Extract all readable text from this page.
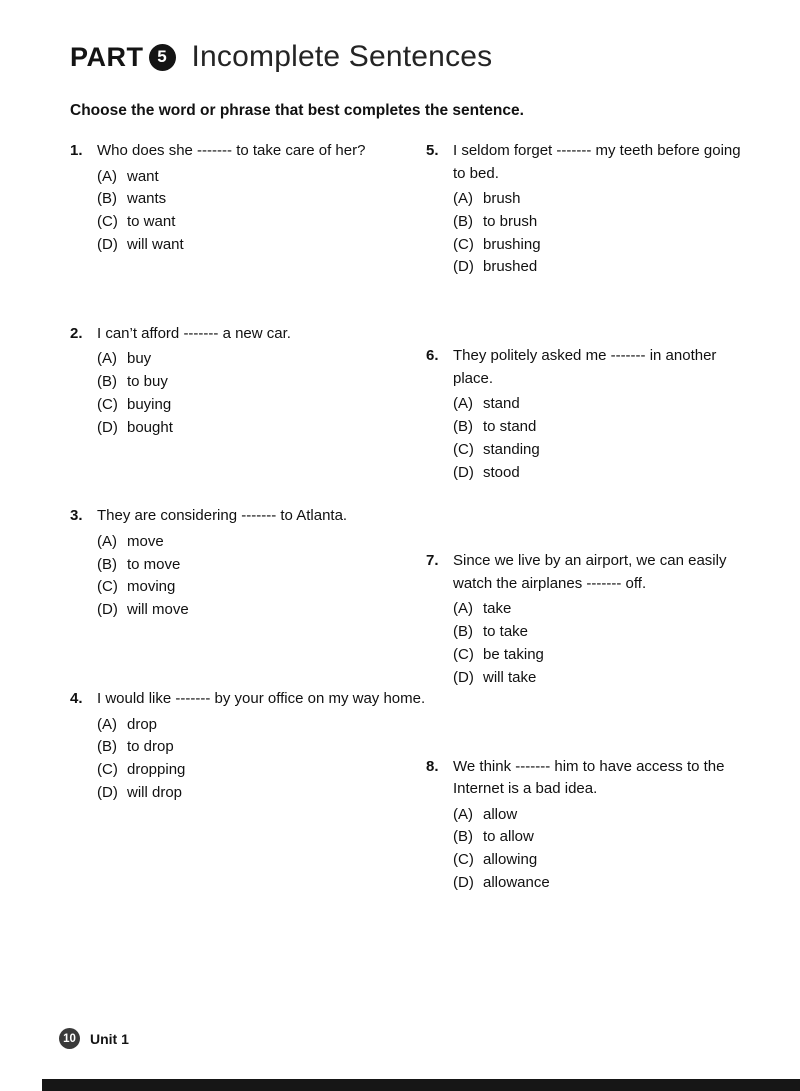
PART 5 Incomplete Sentences
Choose the word or phrase that best completes the sentence.
1. Who does she ------- to take care of her?
(A) want
(B) wants
(C) to want
(D) will want
2. I can’t afford ------- a new car.
(A) buy
(B) to buy
(C) buying
(D) bought
3. They are considering ------- to Atlanta.
(A) move
(B) to move
(C) moving
(D) will move
4. I would like ------- by your office on my way home.
(A) drop
(B) to drop
(C) dropping
(D) will drop
5. I seldom forget ------- my teeth before going to bed.
(A) brush
(B) to brush
(C) brushing
(D) brushed
6. They politely asked me ------- in another place.
(A) stand
(B) to stand
(C) standing
(D) stood
7. Since we live by an airport, we can easily watch the airplanes ------- off.
(A) take
(B) to take
(C) be taking
(D) will take
8. We think ------- him to have access to the Internet is a bad idea.
(A) allow
(B) to allow
(C) allowing
(D) allowance
10 Unit 1
